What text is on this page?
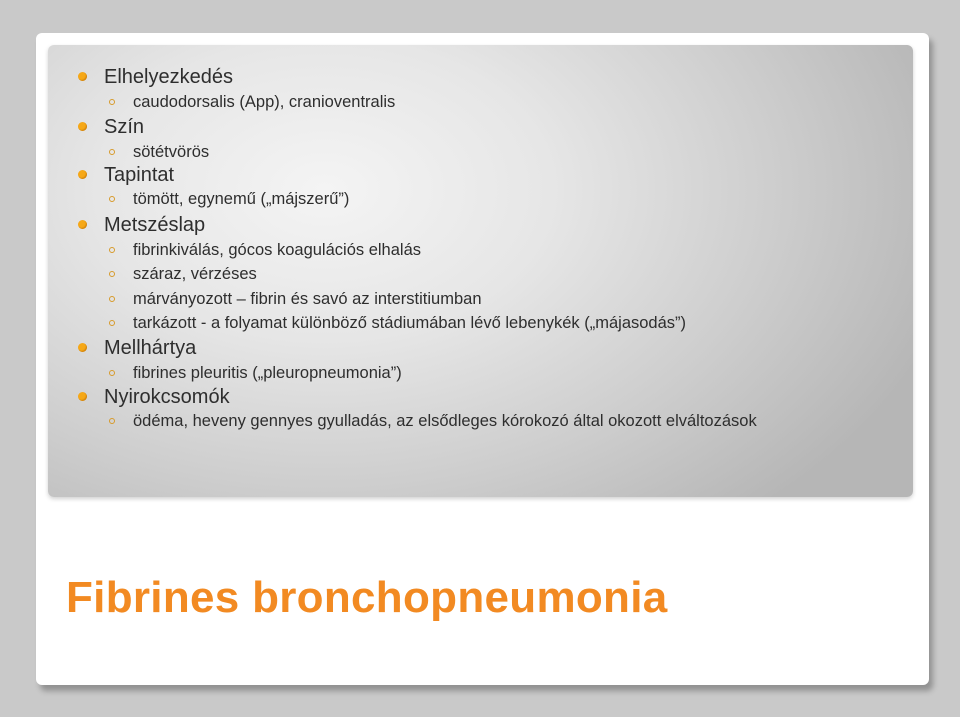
Elhelyezkedés
caudodorsalis (App), cranioventralis
Szín
sötétvörös
Tapintat
tömött, egynemű („májszerű”)
Metszéslap
fibrinkiválás, gócos koagulációs elhalás
száraz, vérzéses
márványozott – fibrin és savó az interstitiumban
tarkázott - a folyamat különböző stádiumában lévő lebenykék („májasodás”)
Mellhártya
fibrines pleuritis („pleuropneumonia”)
Nyirokcsomók
ödéma, heveny gennyes gyulladás, az elsődleges kórokozó által okozott elváltozások
Fibrines bronchopneumonia
